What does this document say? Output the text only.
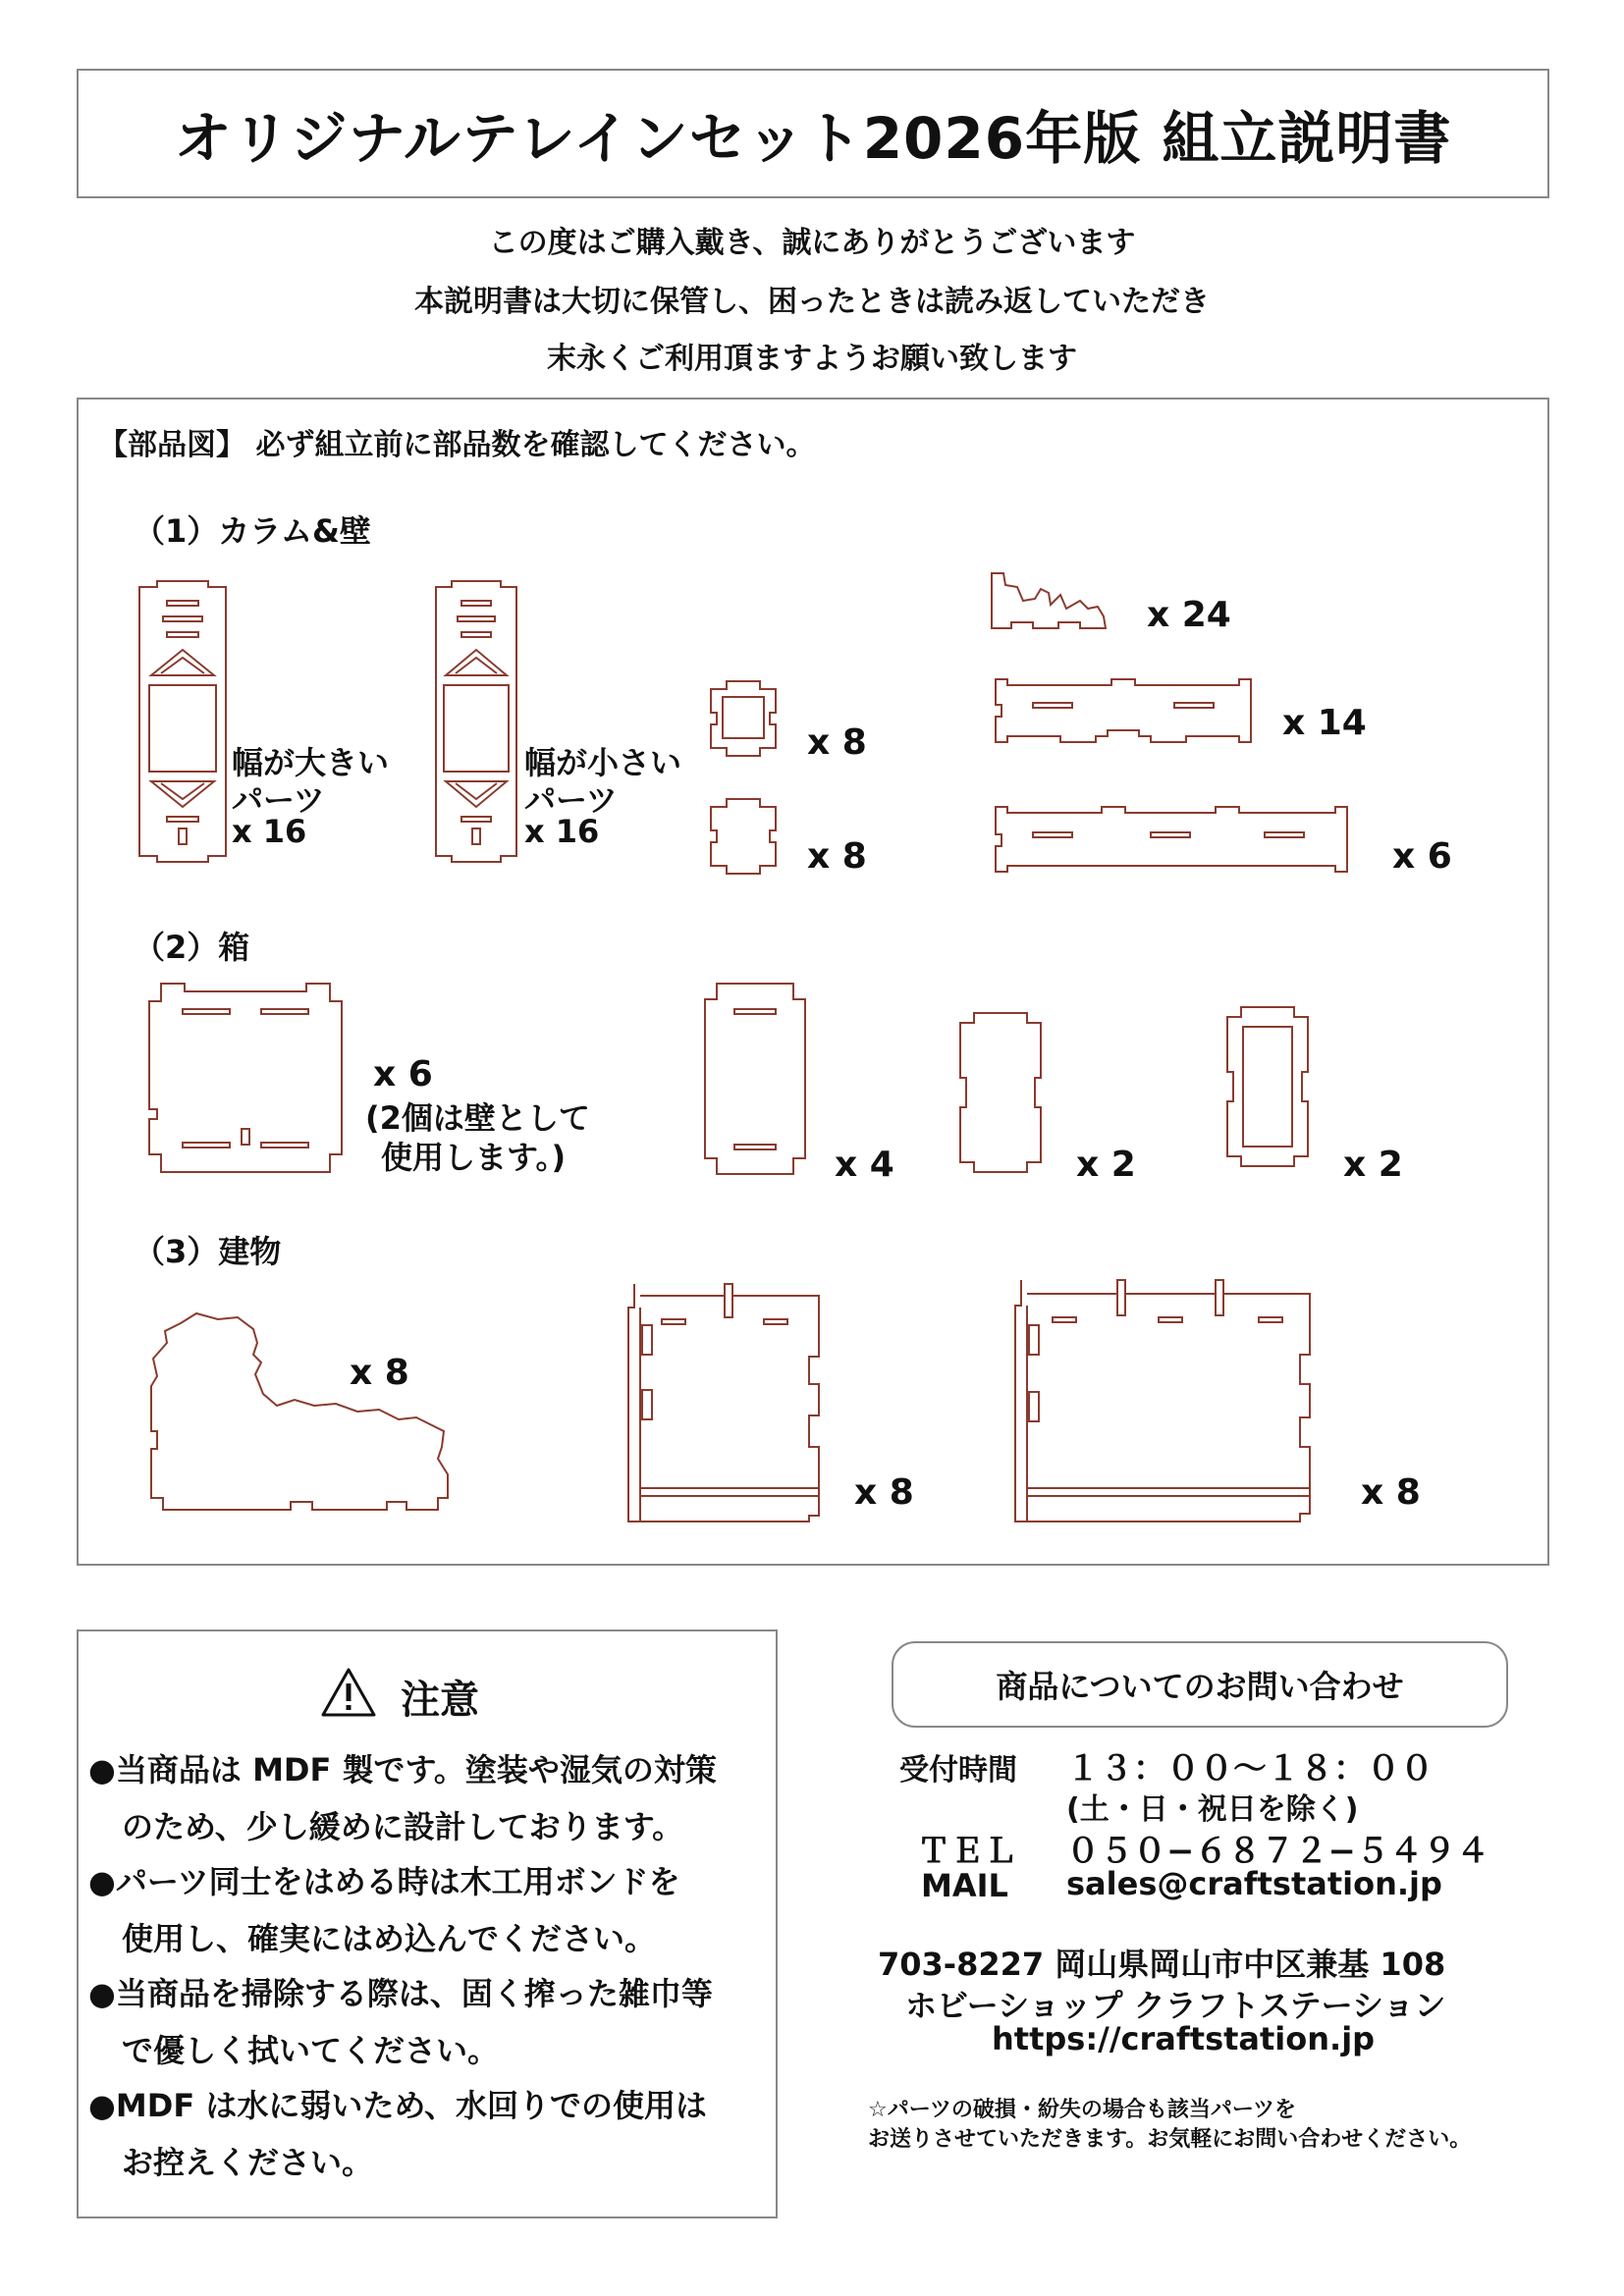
オリジナルテレインセット2026年版 組立説明書
この度はご購入戴き、誠にありがとうございます
本説明書は大切に保管し、困ったときは読み返していただき
末永くご利用頂ますようお願い致します
【部品図】 必ず組立前に部品数を確認してください。
（1）カラム&壁
幅が大きい
パーツ
x 16
幅が小さい
パーツ
x 16
x 8
x 8
x 24
x 14
x 6
（2）箱
x 6
(2個は壁として
使用します。)	x 4	x 2	x 2
（3）建物
x 8
x 8	x 8
注意
●当商品は MDF 製です。塗装や湿気の対策
のため、少し緩めに設計しております。
●パーツ同士をはめる時は木工用ボンドを
使用し、確実にはめ込んでください。
●当商品を掃除する際は、固く搾った雑巾等
で優しく拭いてください。
●MDF は水に弱いため、水回りでの使用は
お控えください。
商品についてのお問い合わせ
受付時間 １３：００～１８：００
(土・日・祝日を除く)
ＴＥＬ ０５０−６８７２−５４９４
MAIL sales@craftstation.jp
703-8227 岡山県岡山市中区兼基 108
ホビーショップ クラフトステーション
https://craftstation.jp
☆パーツの破損・紛失の場合も該当パーツを
お送りさせていただきます。お気軽にお問い合わせください。
